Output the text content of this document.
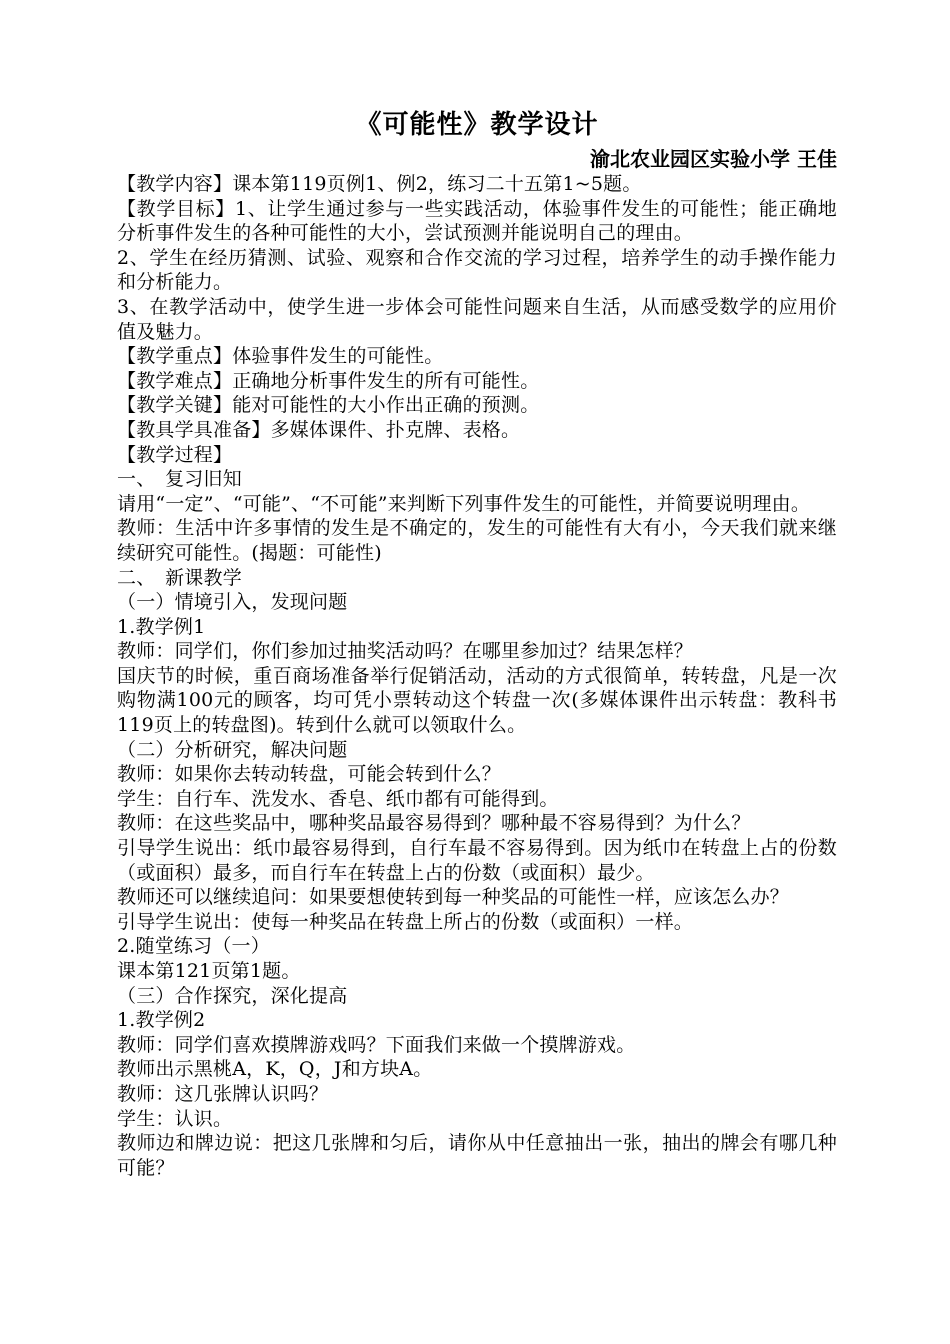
《可能性》教学设计
渝北农业园区实验小学 王佳

【教学内容】课本第119页例1、例2，练习二十五第1~5题。

【教学目标】1、让学生通过参与一些实践活动，体验事件发生的可能性；能正确地分析事件发生的各种可能性的大小，尝试预测并能说明自己的理由。

2、学生在经历猜测、试验、观察和合作交流的学习过程，培养学生的动手操作能力和分析能力。

3、在教学活动中，使学生进一步体会可能性问题来自生活，从而感受数学的应用价值及魅力。

【教学重点】体验事件发生的可能性。

【教学难点】正确地分析事件发生的所有可能性。

【教学关键】能对可能性的大小作出正确的预测。

【教具学具准备】多媒体课件、扑克牌、表格。

【教学过程】

一、　复习旧知

请用“一定”、“可能”、“不可能”来判断下列事件发生的可能性，并简要说明理由。

教师：生活中许多事情的发生是不确定的，发生的可能性有大有小，今天我们就来继续研究可能性。(揭题：可能性)

二、　新课教学

（一）情境引入，发现问题

1.教学例1

教师：同学们，你们参加过抽奖活动吗？在哪里参加过？结果怎样？

国庆节的时候，重百商场准备举行促销活动，活动的方式很简单，转转盘，凡是一次购物满100元的顾客，均可凭小票转动这个转盘一次(多媒体课件出示转盘：教科书119页上的转盘图)。转到什么就可以领取什么。

（二）分析研究，解决问题

教师：如果你去转动转盘，可能会转到什么？

学生：自行车、洗发水、香皂、纸巾都有可能得到。

教师：在这些奖品中，哪种奖品最容易得到？哪种最不容易得到？为什么？

引导学生说出：纸巾最容易得到，自行车最不容易得到。因为纸巾在转盘上占的份数（或面积）最多，而自行车在转盘上占的份数（或面积）最少。

教师还可以继续追问：如果要想使转到每一种奖品的可能性一样，应该怎么办？

引导学生说出：使每一种奖品在转盘上所占的份数（或面积）一样。

2.随堂练习（一）

课本第121页第1题。

（三）合作探究，深化提高

1.教学例2

教师：同学们喜欢摸牌游戏吗？下面我们来做一个摸牌游戏。

教师出示黑桃A，K，Q，J和方块A。

教师：这几张牌认识吗？

学生：认识。

教师边和牌边说：把这几张牌和匀后，请你从中任意抽出一张，抽出的牌会有哪几种可能？
